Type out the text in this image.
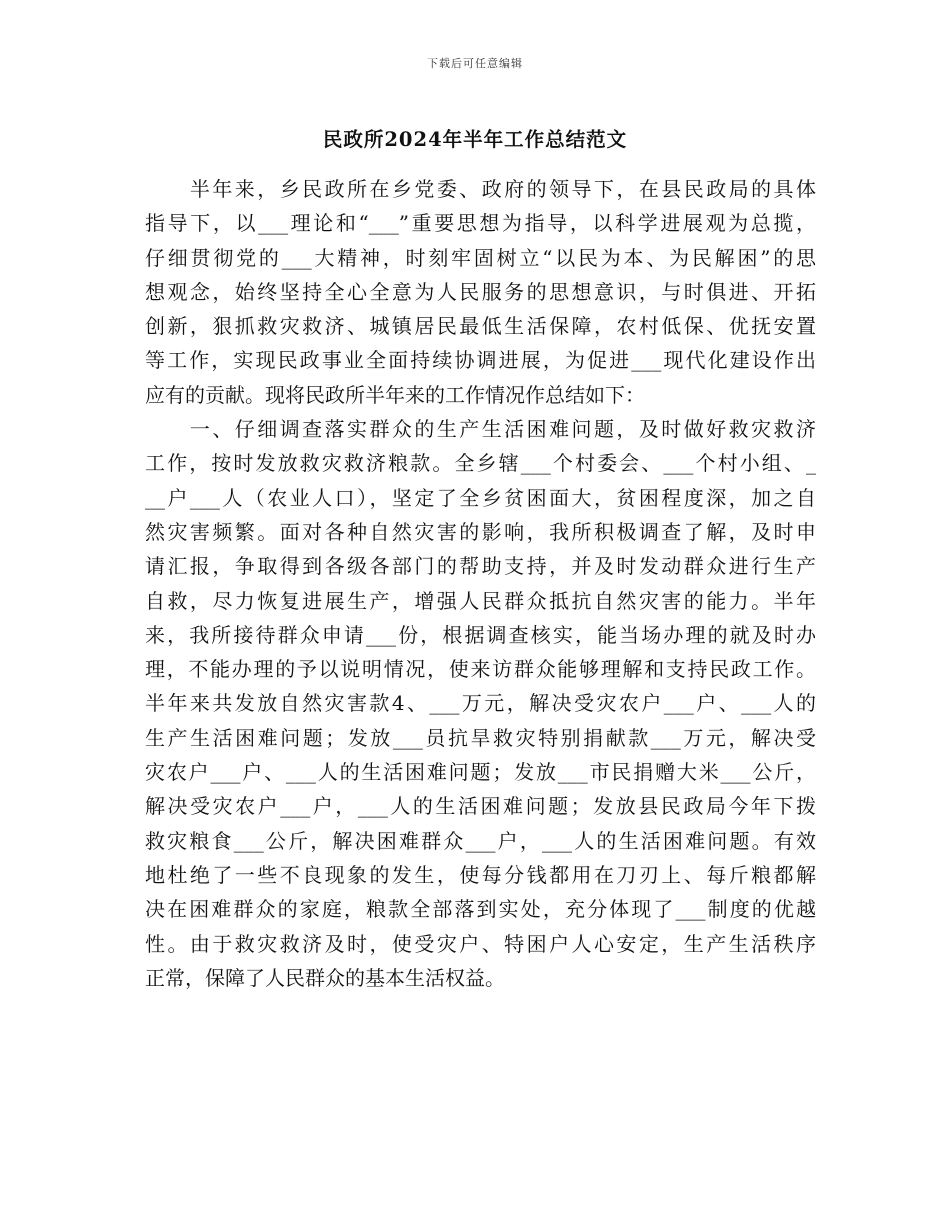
下载后可任意编辑
民政所2024年半年工作总结范文
　　半年来，乡民政所在乡党委、政府的领导下，在县民政局的具体
指导下，以___理论和“___”重要思想为指导，以科学进展观为总揽，
仔细贯彻党的___大精神，时刻牢固树立“以民为本、为民解困”的思
想观念，始终坚持全心全意为人民服务的思想意识，与时俱进、开拓
创新，狠抓救灾救济、城镇居民最低生活保障，农村低保、优抚安置
等工作，实现民政事业全面持续协调进展，为促进___现代化建设作出
应有的贡献。现将民政所半年来的工作情况作总结如下：
　　一、仔细调查落实群众的生产生活困难问题，及时做好救灾救济
工作，按时发放救灾救济粮款。全乡辖___个村委会、___个村小组、_
__户___人（农业人口），坚定了全乡贫困面大，贫困程度深，加之自
然灾害频繁。面对各种自然灾害的影响，我所积极调查了解，及时申
请汇报，争取得到各级各部门的帮助支持，并及时发动群众进行生产
自救，尽力恢复进展生产，增强人民群众抵抗自然灾害的能力。半年
来，我所接待群众申请___份，根据调查核实，能当场办理的就及时办
理，不能办理的予以说明情况，使来访群众能够理解和支持民政工作。
半年来共发放自然灾害款4、___万元，解决受灾农户___户、___人的
生产生活困难问题；发放___员抗旱救灾特别捐献款___万元，解决受
灾农户___户、___人的生活困难问题；发放___市民捐赠大米___公斤，
解决受灾农户___户，___人的生活困难问题；发放县民政局今年下拨
救灾粮食___公斤，解决困难群众___户，___人的生活困难问题。有效
地杜绝了一些不良现象的发生，使每分钱都用在刀刃上、每斤粮都解
决在困难群众的家庭，粮款全部落到实处，充分体现了___制度的优越
性。由于救灾救济及时，使受灾户、特困户人心安定，生产生活秩序
正常，保障了人民群众的基本生活权益。
